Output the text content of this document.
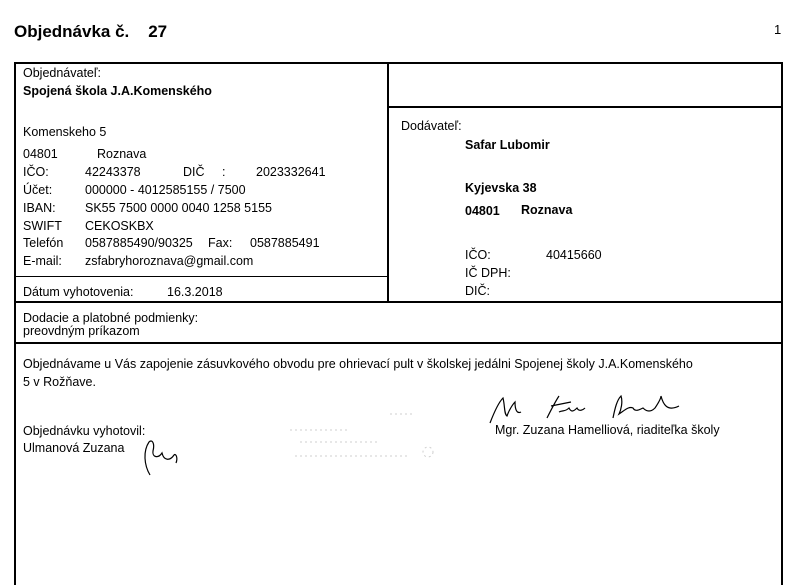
Objednávka č. 27	1
Objednávateľ:
Spojená škola J.A.Komenského
Komenskeho 5
04801	Roznava
IČO:	42243378	DIČ : 2023332641
Účet:	000000 - 4012585155 / 7500
IBAN: SK55 7500 0000 0040 1258 5155
SWIFT CEKOSKBX
Telefón 0587885490/90325 Fax: 0587885491
E-mail: zsfabryhoroznava@gmail.com
Dátum vyhotovenia:	16.3.2018
Dodávateľ:
Safar Lubomir
Kyjevska 38
04801 Roznava
IČO:	40415660
IČ DPH:
DIČ:
Dodacie a platobné podmienky:
preovdným príkazom
Objednávame u Vás zapojenie zásuvkového obvodu pre ohrievací pult v školskej jedálni Spojenej školy J.A.Komenského
5 v Rožňave.
Objednávku vyhotovil:
Ulmanová Zuzana
Mgr. Zuzana Hamelliová, riaditeľka školy
